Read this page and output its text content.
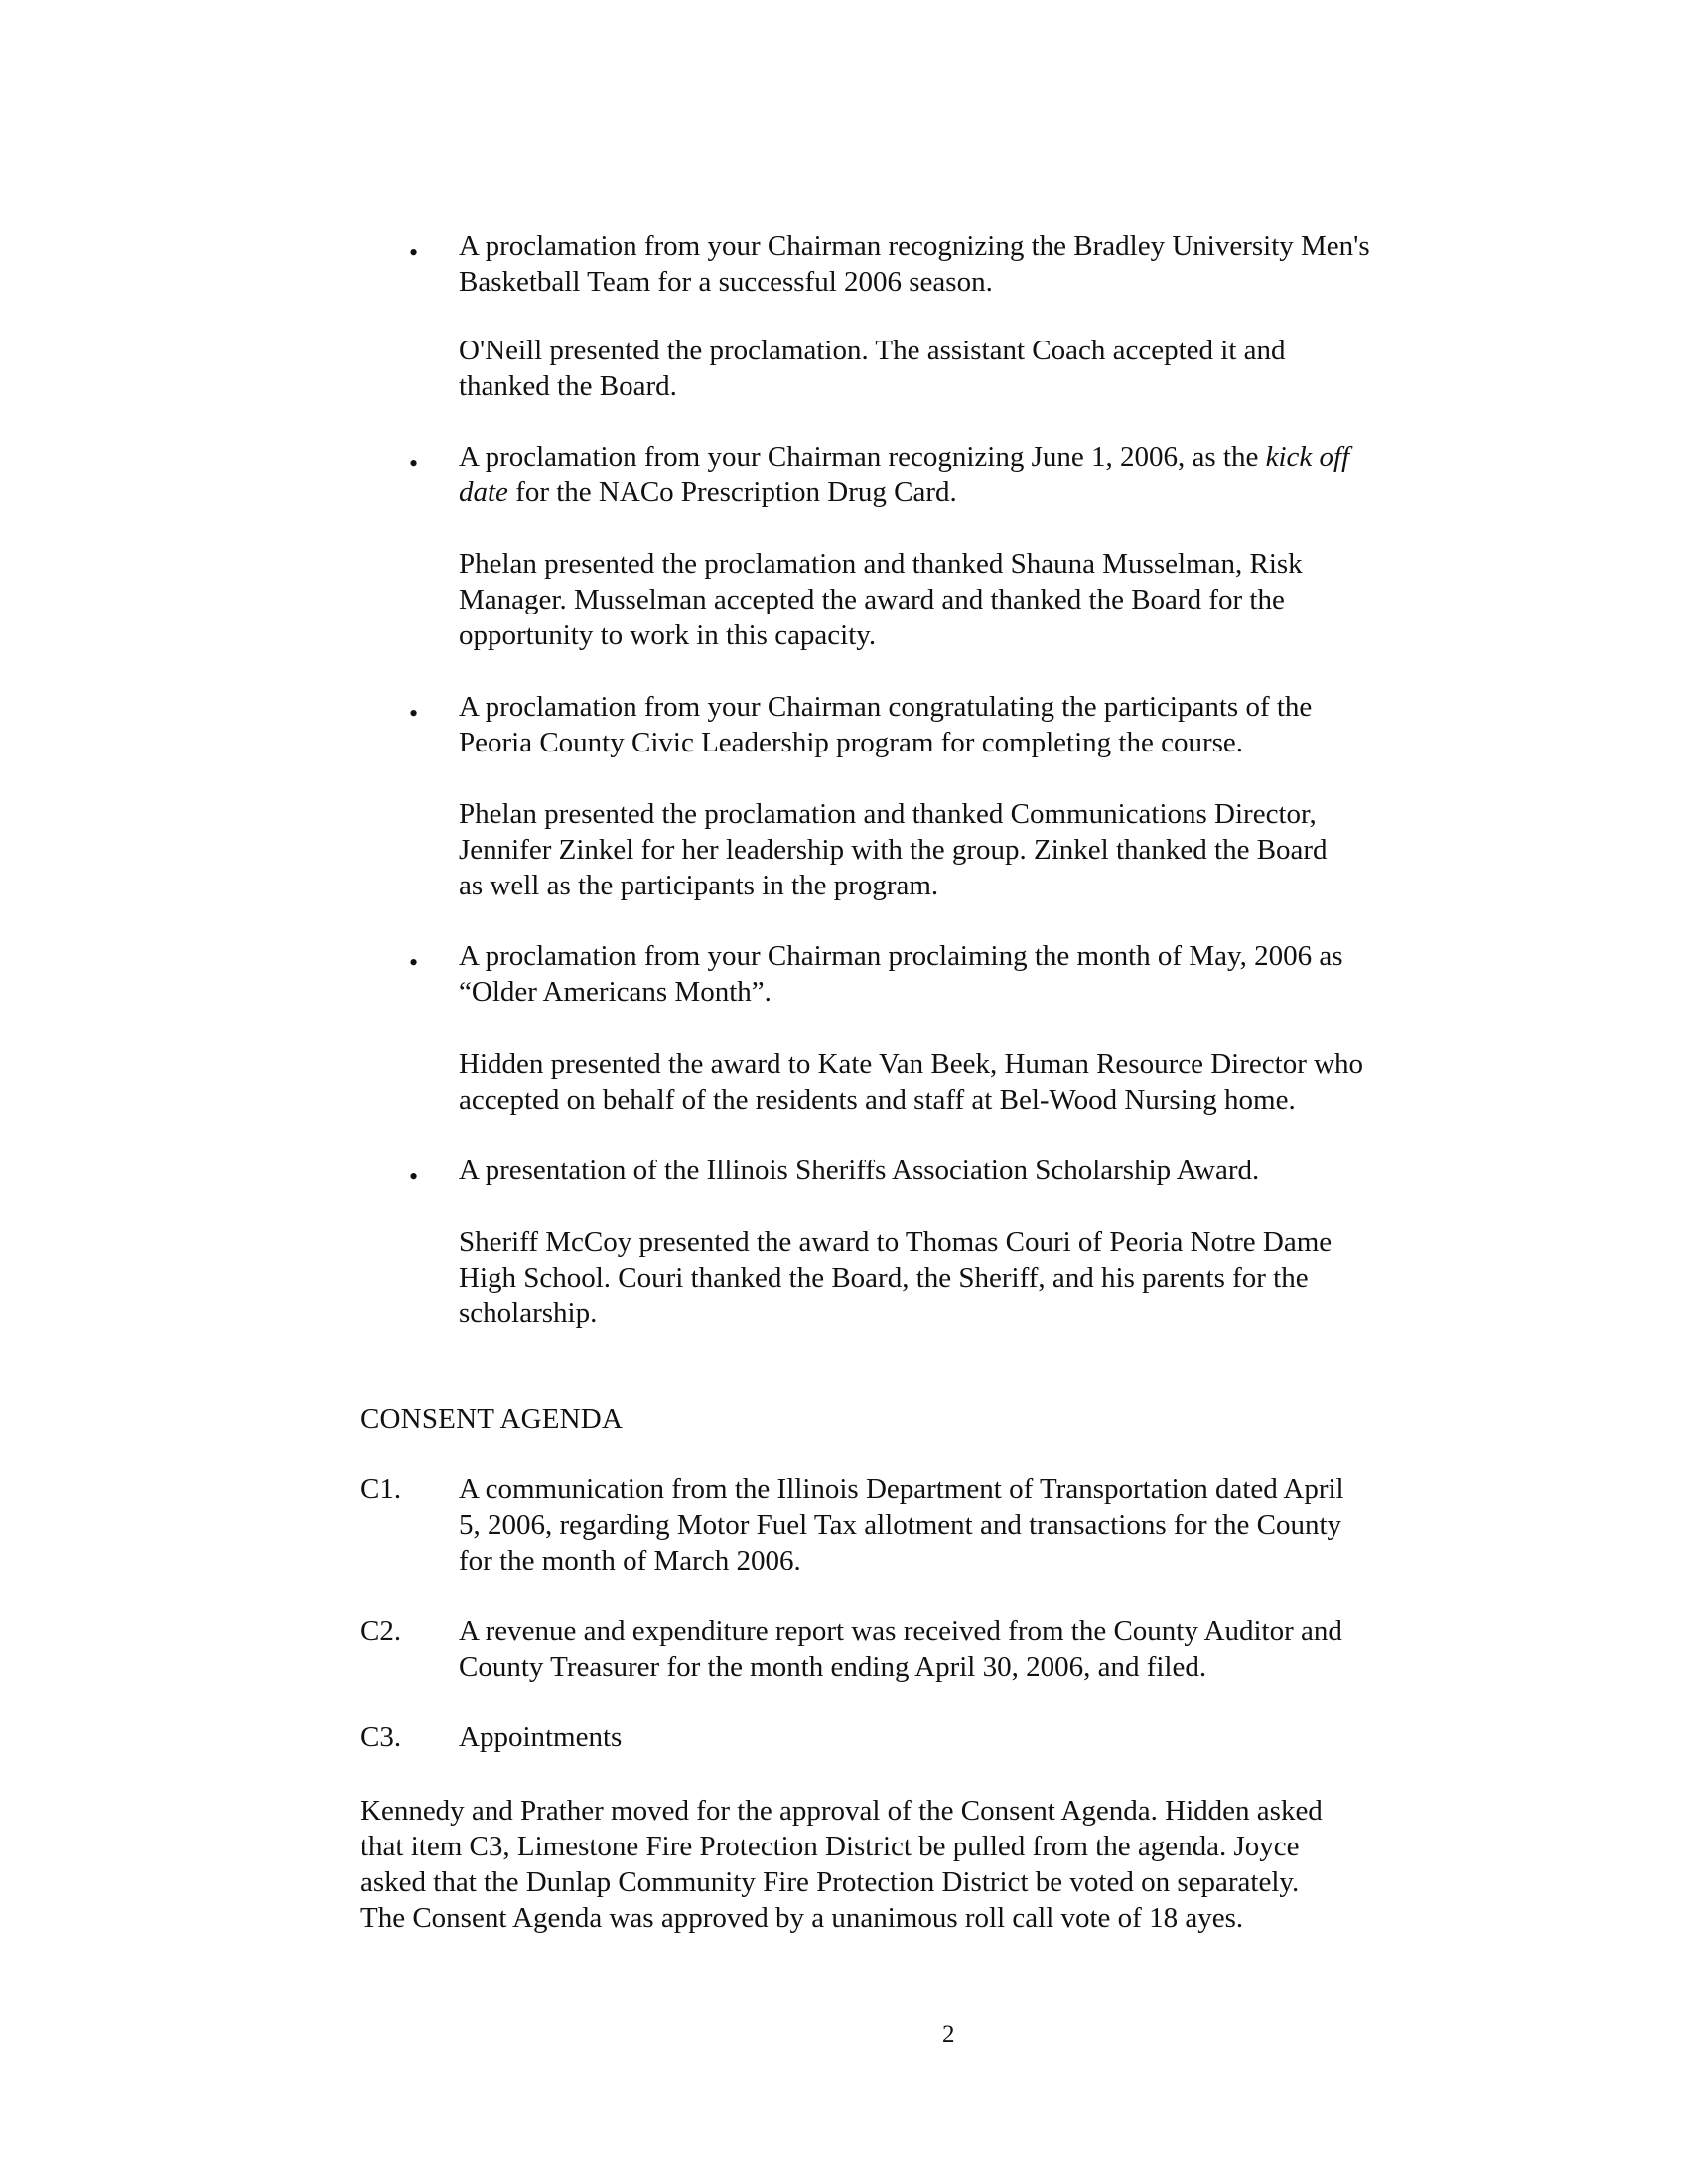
• A proclamation from your Chairman recognizing the Bradley University Men's
Basketball Team for a successful 2006 season.
O'Neill presented the proclamation. The assistant Coach accepted it and
thanked the Board.
• A proclamation from your Chairman recognizing June 1, 2006, as the kick off
date for the NACo Prescription Drug Card.
Phelan presented the proclamation and thanked Shauna Musselman, Risk
Manager. Musselman accepted the award and thanked the Board for the
opportunity to work in this capacity.
• A proclamation from your Chairman congratulating the participants of the
Peoria County Civic Leadership program for completing the course.
Phelan presented the proclamation and thanked Communications Director,
Jennifer Zinkel for her leadership with the group. Zinkel thanked the Board
as well as the participants in the program.
• A proclamation from your Chairman proclaiming the month of May, 2006 as
“Older Americans Month”.
Hidden presented the award to Kate Van Beek, Human Resource Director who
accepted on behalf of the residents and staff at Bel-Wood Nursing home.
• A presentation of the Illinois Sheriffs Association Scholarship Award.
Sheriff McCoy presented the award to Thomas Couri of Peoria Notre Dame
High School. Couri thanked the Board, the Sheriff, and his parents for the
scholarship.
CONSENT AGENDA
C1. A communication from the Illinois Department of Transportation dated April
5, 2006, regarding Motor Fuel Tax allotment and transactions for the County
for the month of March 2006.
C2. A revenue and expenditure report was received from the County Auditor and
County Treasurer for the month ending April 30, 2006, and filed.
C3. Appointments
Kennedy and Prather moved for the approval of the Consent Agenda. Hidden asked
that item C3, Limestone Fire Protection District be pulled from the agenda. Joyce
asked that the Dunlap Community Fire Protection District be voted on separately.
The Consent Agenda was approved by a unanimous roll call vote of 18 ayes.
2
